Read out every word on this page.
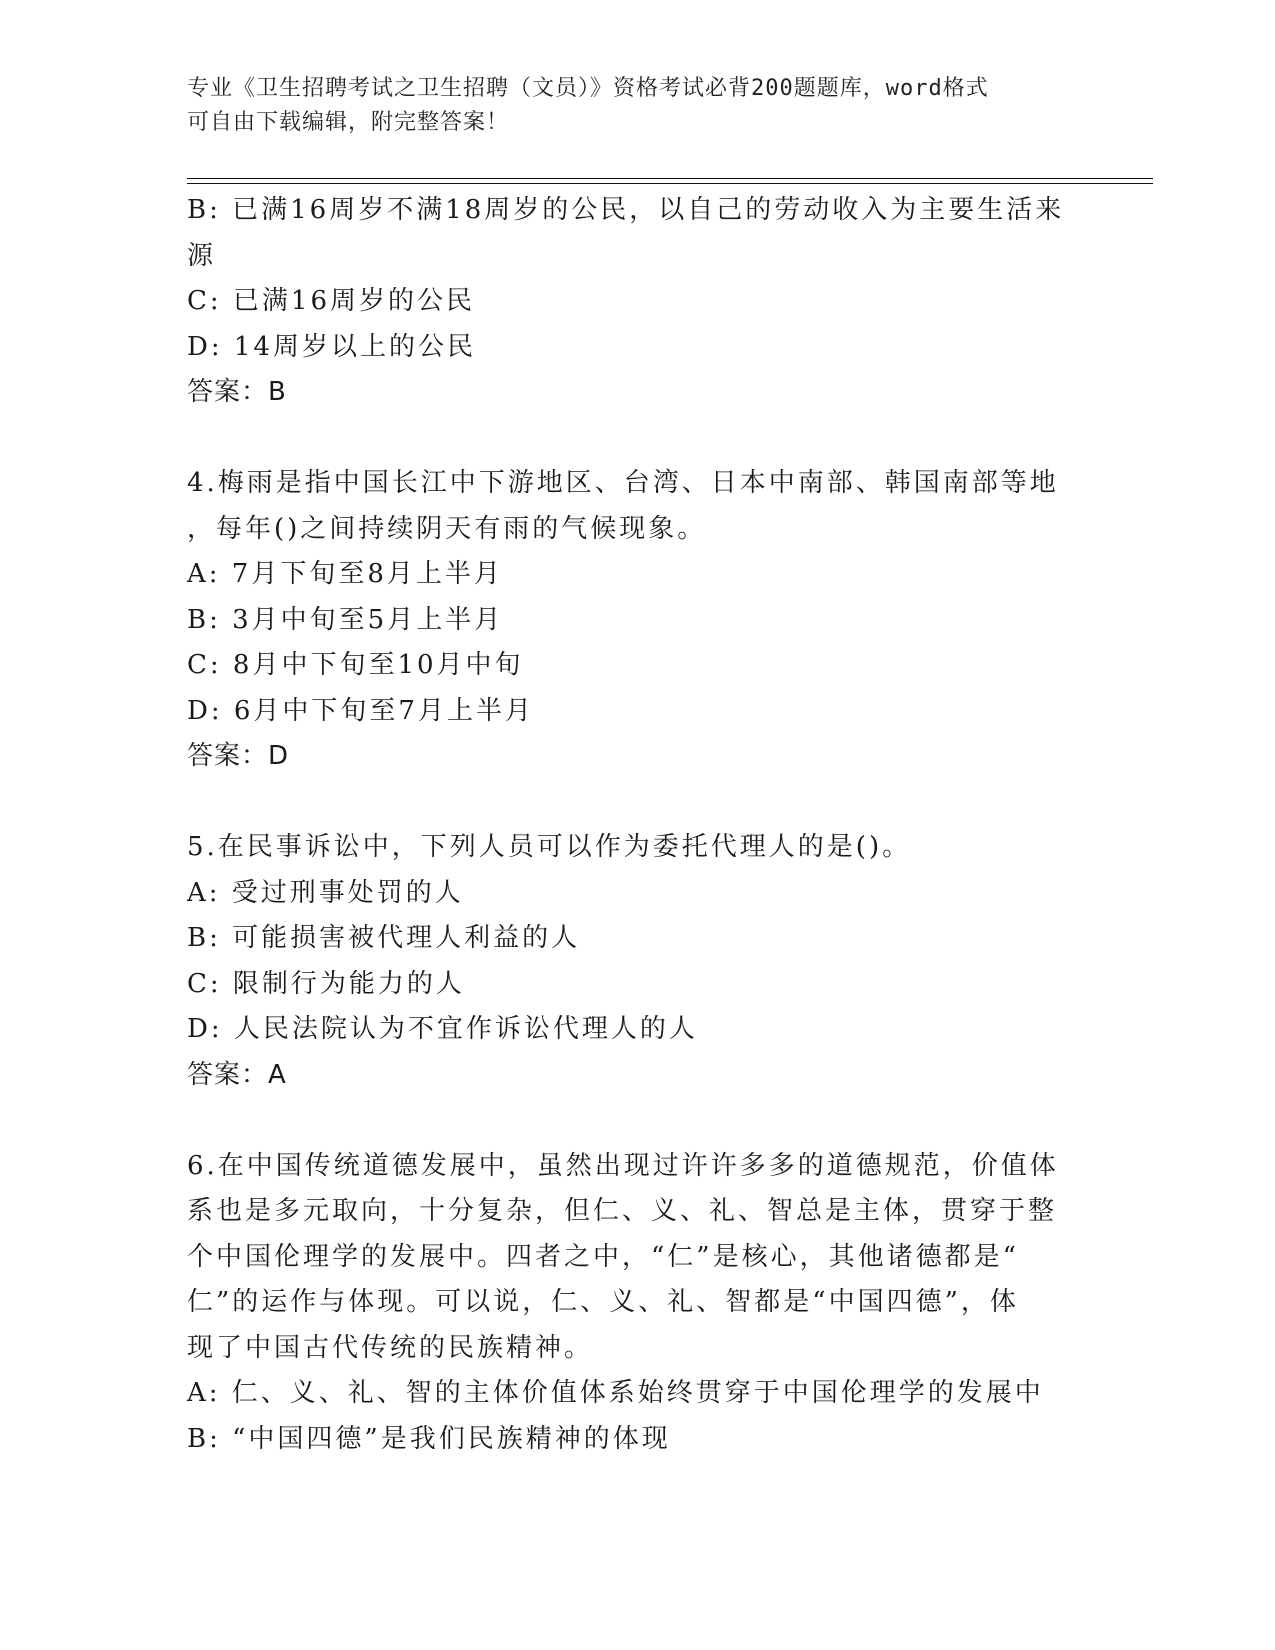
专业《卫生招聘考试之卫生招聘（文员）》资格考试必背200题题库，word格式
可自由下载编辑，附完整答案！
B: 已满16周岁不满18周岁的公民，以自己的劳动收入为主要生活来
源
C: 已满16周岁的公民
D: 14周岁以上的公民
答案：B
4.梅雨是指中国长江中下游地区、台湾、日本中南部、韩国南部等地
，每年()之间持续阴天有雨的气候现象。
A: 7月下旬至8月上半月
B: 3月中旬至5月上半月
C: 8月中下旬至10月中旬
D: 6月中下旬至7月上半月
答案：D
5.在民事诉讼中，下列人员可以作为委托代理人的是()。
A: 受过刑事处罚的人
B: 可能损害被代理人利益的人
C: 限制行为能力的人
D: 人民法院认为不宜作诉讼代理人的人
答案：A
6.在中国传统道德发展中，虽然出现过许许多多的道德规范，价值体
系也是多元取向，十分复杂，但仁、义、礼、智总是主体，贯穿于整
个中国伦理学的发展中。四者之中，“仁”是核心，其他诸德都是“
仁”的运作与体现。可以说，仁、义、礼、智都是“中国四德”，体
现了中国古代传统的民族精神。
A: 仁、义、礼、智的主体价值体系始终贯穿于中国伦理学的发展中
B: “中国四德”是我们民族精神的体现
